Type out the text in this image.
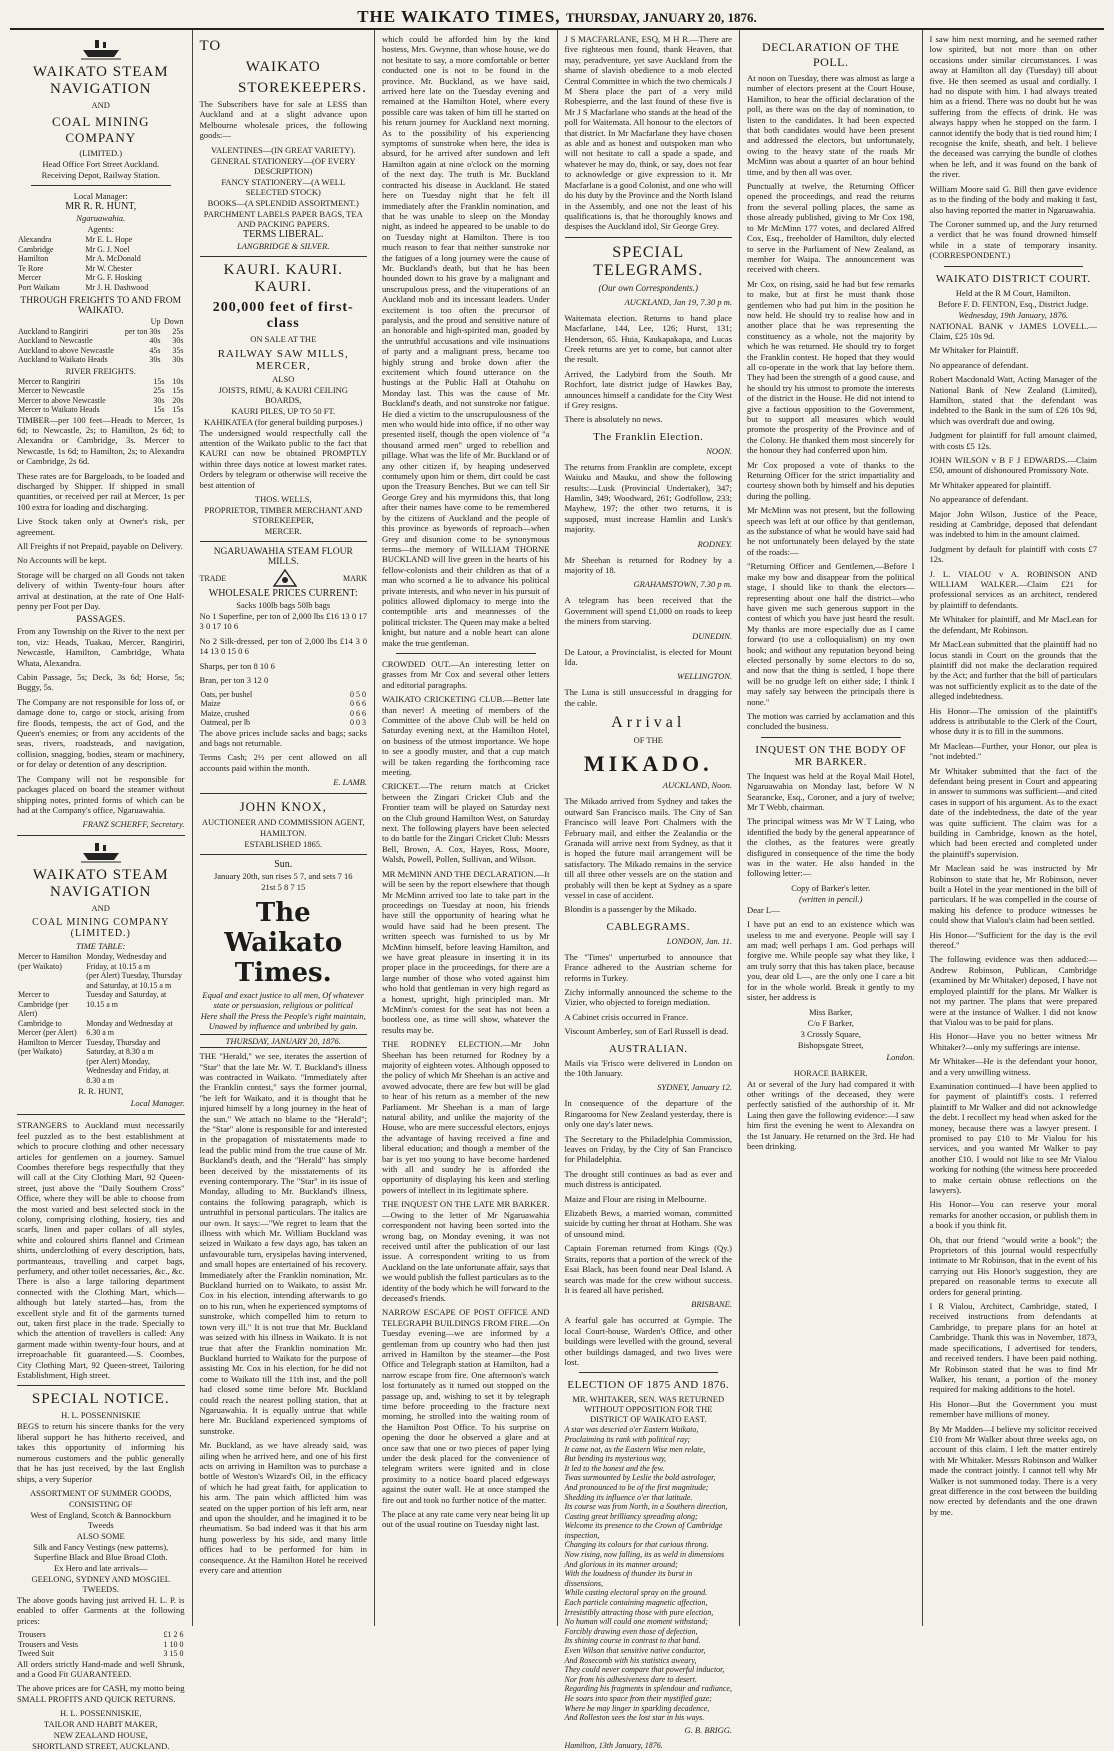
THE WAIKATO TIMES, THURSDAY, JANUARY 20, 1876.
WAIKATO STEAM NAVIGATION
AND
COAL MINING COMPANY
(LIMITED.)
Head Office Fort Street Auckland.
Receiving Depot, Railway Station.
Local Manager:
MR R. R. HUNT,
Ngaruawahia.
Agents:
Alexandra	Mr E. L. Hope
Cambridge	Mr G. J. Noel
Hamilton	Mr A. McDonald
Te Rore	Mr W. Chester
Mercer	Mr G. F. Hosking
Port Waikato	Mr J. H. Dashwood
THROUGH FREIGHTS TO AND FROM WAIKATO.
	Up	Down
Auckland to Rangiriri	per ton 30s	25s
Auckland to Newcastle	40s	30s
Auckland to above Newcastle	45s	35s
Auckland to Waikato Heads	30s	30s
RIVER FREIGHTS.
Mercer to Rangiriri	15s	10s
Mercer to Newcastle	25s	15s
Mercer to above Newcastle	30s	20s
Mercer to Waikato Heads	15s	15s

TIMBER—per 100 feet—Heads to Mercer, 1s 6d; to Newcastle, 2s; to Hamilton, 2s 6d; to Alexandra or Cambridge, 3s. Mercer to Newcastle, 1s 6d; to Hamilton, 2s; to Alexandra or Cambridge, 2s 6d.

These rates are for Bargeloads, to be loaded and discharged by Shipper. If shipped in small quantities, or received per rail at Mercer, 1s per 100 extra for loading and discharging.

Live Stock taken only at Owner's risk, per agreement.

All Freights if not Prepaid, payable on Delivery.

No Accounts will be kept.

Storage will be charged on all Goods not taken delivery of within Twenty-four hours after arrival at destination, at the rate of One Half-penny per Foot per Day.

PASSAGES.

From any Township on the River to the next per ton, viz: Heads, Tuakau, Mercer, Rangiriri, Newcastle, Hamilton, Cambridge, Whata Whata, Alexandra.

Cabin Passage, 5s; Deck, 3s 6d; Horse, 5s; Buggy, 5s.

The Company are not responsible for loss of, or damage done to, cargo or stock, arising from fire floods, tempests, the act of God, and the Queen's enemies; or from any accidents of the seas, rivers, roadsteads, and navigation, collision, snagging, bodies, steam or machinery, or for delay or detention of any description.

The Company will not be responsible for packages placed on board the steamer without shipping notes, printed forms of which can be had at the Company's office, Ngaruawahia.

FRANZ SCHERFF, Secretary.
WAIKATO STEAM NAVIGATION
AND
COAL MINING COMPANY (LIMITED.)
TIME TABLE:
Mercer to Hamilton (per Waikato)	Monday, Wednesday and Friday, at 10.15 a m
	(per Alert) Tuesday, Thursday and Saturday, at 10.15 a m
Mercer to Cambridge (per Alert)	Tuesday and Saturday, at 10.15 a m
Cambridge to Mercer (per Alert)	Monday and Wednesday at 6.30 a m
Hamilton to Mercer (per Waikato)	Tuesday, Thursday and Saturday, at 8.30 a m
	(per Alert) Monday, Wednesday and Friday, at 8.30 a m
R. R. HUNT,
Local Manager.

STRANGERS to Auckland must necessarily feel puzzled as to the best establishment at which to procure clothing and other necessary articles for gentlemen on a journey. Samuel Coombes therefore begs respectfully that they will call at the City Clothing Mart, 92 Queen-street, just above the "Daily Southern Cross" Office, where they will be able to choose from the most varied and best selected stock in the colony, comprising clothing, hosiery, ties and scarfs, linen and paper collars of all styles, white and coloured shirts flannel and Crimean shirts, underclothing of every description, hats, portmanteaus, travelling and carpet bags, perfumery, and other toilet necessaries, &c., &c. There is also a large tailoring department connected with the Clothing Mart, which—although but lately started—has, from the excellent style and fit of the garments turned out, taken first place in the trade. Specially to which the attention of travellers is called: Any garment made within twenty-four hours, and at irreproachable fit guaranteed.—S. Coombes, City Clothing Mart, 92 Queen-street, Tailoring Establishment, High street.

SPECIAL NOTICE.
H. L. POSSENNISKIE

BEGS to return his sincere thanks for the very liberal support he has hitherto received, and takes this opportunity of informing his numerous customers and the public generally that he has just received, by the last English ships, a very Superior

ASSORTMENT OF SUMMER GOODS,
CONSISTING OF
West of England, Scotch & Bannockburn Tweeds
ALSO SOME
Silk and Fancy Vestings (new patterns), Superfine Black and Blue Broad Cloth.
Ex Hero and late arrivals—
GEELONG, SYDNEY AND MOSGIEL TWEEDS.

The above goods having just arrived H. L. P. is enabled to offer Garments at the following prices:

Trousers	£1 2 6
Trousers and Vests	1 10 0
Tweed Suit	3 15 0

All orders strictly Hand-made and well Shrunk, and a Good Fit GUARANTEED.

The above prices are for CASH, my motto being SMALL PROFITS AND QUICK RETURNS.

H. L. POSSENNISKIE,
TAILOR AND HABIT MAKER,
NEW ZEALAND HOUSE,
SHORTLAND STREET, AUCKLAND.
TO
WAIKATO
STOREKEEPERS.

The Subscribers have for sale at LESS than Auckland and at a slight advance upon Melbourne wholesale prices, the following goods:—

VALENTINES—(IN GREAT VARIETY).
GENERAL STATIONERY—(OF EVERY DESCRIPTION)
FANCY STATIONERY—(A WELL SELECTED STOCK)
BOOKS—(A SPLENDID ASSORTMENT.)
PARCHMENT LABELS PAPER BAGS, TEA AND PACKING PAPERS.
TERMS LIBERAL.
LANGBRIDGE & SILVER.
KAURI. KAURI. KAURI.
200,000 feet of first-class
ON SALE AT THE
RAILWAY SAW MILLS, MERCER,
ALSO
JOISTS, RIMU, & KAURI CEILING BOARDS,
KAURI PILES, UP TO 50 FT.
KAHIKATEA (for general building purposes.)

The undersigned would respectfully call the attention of the Waikato public to the fact that KAURI can now be obtained PROMPTLY within three days notice at lowest market rates. Orders by telegram or otherwise will receive the best attention of

THOS. WELLS,
PROPRIETOR, TIMBER MERCHANT AND STOREKEEPER,
MERCER.
NGARUAWAHIA STEAM FLOUR MILLS.
TRADE	MARK
WHOLESALE PRICES CURRENT:
Sacks 100lb bags 50lb bags

No 1 Superfine, per ton of 2,000 lbs £16 13 0 17 3 0 17 10 6

No 2 Silk-dressed, per ton of 2,000 lbs £14 3 0 14 13 0 15 0 6

Sharps, per ton 8 10 6

Bran, per ton 3 12 0

Oats, per bushel	0 5 0
Maize	0 6 6
Maize, crushed	0 6 6
Oatmeal, per lb	0 0 3

The above prices include sacks and bags; sacks and bags not returnable.

Terms Cash; 2½ per cent allowed on all accounts paid within the month.

E. LAMB.
JOHN KNOX,
AUCTIONEER AND COMMISSION AGENT,
HAMILTON.
ESTABLISHED 1865.
Sun.
January 20th, sun rises 5 7, and sets 7 16
21st 5 8 7 15
The Waikato Times.
Equal and exact justice to all men, Of whatever state or persuasion, religious or political
Here shall the Press the People's right maintain, Unawed by influence and unbribed by gain.
THURSDAY, JANUARY 20, 1876.

THE "Herald," we see, iterates the assertion of "Star" that the late Mr. W. T. Buckland's illness was contracted in Waikato. "Immediately after the Franklin contest," says the former journal, "he left for Waikato, and it is thought that he injured himself by a long journey in the heat of the sun." We attach no blame to the "Herald"; the "Star" alone is responsible for and interested in the propagation of misstatements made to lead the public mind from the true cause of Mr. Buckland's death, and the "Herald" has simply been deceived by the misstatements of its evening contemporary. The "Star" in its issue of Monday, alluding to Mr. Buckland's illness, contains the following paragraph, which is untruthful in personal particulars. The italics are our own. It says:—"We regret to learn that the illness with which Mr. William Buckland was seized in Waikato a few days ago, has taken an unfavourable turn, erysipelas having intervened, and small hopes are entertained of his recovery. Immediately after the Franklin nomination, Mr. Buckland hurried on to Waikato, to assist Mr. Cox in his election, intending afterwards to go on to his run, when he experienced symptoms of sunstroke, which compelled him to return to town very ill." It is not true that Mr. Buckland was seized with his illness in Waikato. It is not true that after the Franklin nomination Mr. Buckland hurried to Waikato for the purpose of assisting Mr. Cox in his election, for he did not come to Waikato till the 11th inst, and the poll had closed some time before Mr. Buckland could reach the nearest polling station, that at Ngaruawahia. It is equally untrue that while here Mr. Buckland experienced symptoms of sunstroke.

Mr. Buckland, as we have already said, was ailing when he arrived here, and one of his first acts on arriving in Hamilton was to purchase a bottle of Weston's Wizard's Oil, in the efficacy of which he had great faith, for application to his arm. The pain which afflicted him was seated on the upper portion of his left arm, near and upon the shoulder, and he imagined it to be rheumatism. So bad indeed was it that his arm hung powerless by his side, and many little offices had to be performed for him in consequence. At the Hamilton Hotel he received every care and attention

which could be afforded him by the kind hostess, Mrs. Gwynne, than whose house, we do not hesitate to say, a more comfortable or better conducted one is not to be found in the province. Mr. Buckland, as we have said, arrived here late on the Tuesday evening and remained at the Hamilton Hotel, where every possible care was taken of him till he started on his return journey for Auckland next morning. As to the possibility of his experiencing symptoms of sunstroke when here, the idea is absurd, for he arrived after sundown and left Hamilton again at nine o'clock on the morning of the next day. The truth is Mr. Buckland contracted his disease in Auckland. He stated here on Tuesday night that he felt ill immediately after the Franklin nomination, and that he was unable to sleep on the Monday night, as indeed he appeared to be unable to do on Tuesday night at Hamilton. There is too much reason to fear that neither sunstroke nor the fatigues of a long journey were the cause of Mr. Buckland's death, but that he has been hounded down to his grave by a malignant and unscrupulous press, and the vituperations of an Auckland mob and its incessant leaders. Under excitement is too often the precursor of paralysis, and the proud and sensitive nature of an honorable and high-spirited man, goaded by the untruthful accusations and vile insinuations of party and a malignant press, became too highly strung and broke down after the excitement which found utterance on the hustings at the Public Hall at Otahuhu on Monday last. This was the cause of Mr. Buckland's death, and not sunstroke nor fatigue. He died a victim to the unscrupulousness of the men who would hide into office, if no other way presented itself, though the open violence of "a thousand armed men" urged to rebellion and pillage. What was the life of Mr. Buckland or of any other citizen if, by heaping undeserved contumely upon him or them, dirt could be cast upon the Treasury Benches. But we can tell Sir George Grey and his myrmidons this, that long after their names have come to be remembered by the citizens of Auckland and the people of this province as byewords of reproach—when Grey and disunion come to be synonymous terms—the memory of WILLIAM THORNE BUCKLAND will live green in the hearts of his fellow-colonists and their children as that of a man who scorned a lie to advance his political private interests, and who never in his pursuit of politics allowed diplomacy to merge into the contemptible arts and meannesses of the political trickster. The Queen may make a belted knight, but nature and a noble heart can alone make the true gentleman.

CROWDED OUT.—An interesting letter on grasses from Mr Cox and several other letters and editorial paragraphs.

WAIKATO CRICKETING CLUB.—Better late than never! A meeting of members of the Committee of the above Club will be held on Saturday evening next, at the Hamilton Hotel, on business of the utmost importance. We hope to see a goodly muster, and that a cup match will be taken regarding the forthcoming race meeting.

CRICKET.—The return match at Cricket between the Zingari Cricket Club and the Frontier team will be played on Saturday next on the Club ground Hamilton West, on Saturday next. The following players have been selected to do battle for the Zingari Cricket Club: Messrs Bell, Brown, A. Cox, Hayes, Ross, Moore, Walsh, Powell, Pollen, Sullivan, and Wilson.

MR McMINN AND THE DECLARATION.—It will be seen by the report elsewhere that though Mr McMinn arrived too late to take part in the proceedings on Tuesday at noon, his friends have still the opportunity of hearing what he would have said had he been present. The written speech was furnished to us by Mr McMinn himself, before leaving Hamilton, and we have great pleasure in inserting it in its proper place in the proceedings, for there are a large number of those who voted against him who hold that gentleman in very high regard as a honest, upright, high principled man. Mr McMinn's contest for the seat has not been a bootless one, as time will show, whatever the results may be.

THE RODNEY ELECTION.—Mr John Sheehan has been returned for Rodney by a majority of eighteen votes. Although opposed to the policy of which Mr Sheehan is an active and avowed advocate, there are few but will be glad to hear of his return as a member of the new Parliament. Mr Sheehan is a man of large natural ability, and unlike the majority of the House, who are mere successful electors, enjoys the advantage of having received a fine and liberal education; and though a member of the bar is yet too young to have become hardened with all and sundry he is afforded the opportunity of displaying his keen and sterling powers of intellect in its legitimate sphere.

THE INQUEST ON THE LATE MR BARKER.—Owing to the letter of Mr Ngaruawahia correspondent not having been sorted into the wrong bag, on Monday evening, it was not received until after the publication of our last issue. A correspondent writing to us from Auckland on the late unfortunate affair, says that we would publish the fullest particulars as to the identity of the body which he will forward to the deceased's friends.

NARROW ESCAPE OF POST OFFICE AND TELEGRAPH BUILDINGS FROM FIRE.—On Tuesday evening—we are informed by a gentleman from up country who had then just arrived in Hamilton by the steamer—the Post Office and Telegraph station at Hamilton, had a narrow escape from fire. One afternoon's watch lost fortunately as it turned out stopped on the passage up, and, wishing to set it by telegraph time before proceeding to the fracture next morning, he strolled into the waiting room of the Hamilton Post Office. To his surprise on opening the door he observed a glare and at once saw that one or two pieces of paper lying under the desk placed for the convenience of telegram writers were ignited and in close proximity to a notice board placed edgeways against the outer wall. He at once stamped the fire out and took no further notice of the matter.

The place at any rate came very near being lit up out of the usual routine on Tuesday night last.

J S MACFARLANE, ESQ, M H R.—There are five righteous men found, thank Heaven, that may, peradventure, yet save Auckland from the shame of slavish obedience to a mob elected Central Committee in which the two chemicals J M Shera place the part of a very mild Robespierre, and the last found of these five is Mr J S Macfarlane who stands at the head of the poll for Waitemata. All honour to the electors of that district. In Mr Macfarlane they have chosen as able and as honest and outspoken man who will not hesitate to call a spade a spade, and whatever he may do, think, or say, does not fear to acknowledge or give expression to it. Mr Macfarlane is a good Colonist, and one who will do his duty by the Province and the North Island in the Assembly, and one not the least of his qualifications is, that he thoroughly knows and despises the Auckland idol, Sir George Grey.

SPECIAL TELEGRAMS.
(Our own Correspondents.)
AUCKLAND, Jan 19, 7.30 p m.

Waitemata election. Returns to hand place Macfarlane, 144, Lee, 126; Hurst, 131; Henderson, 65. Huia, Kaukapakapa, and Lucas Creek returns are yet to come, but cannot alter the result.

Arrived, the Ladybird from the South. Mr Rochfort, late district judge of Hawkes Bay, announces himself a candidate for the City West if Grey resigns.

There is absolutely no news.

The Franklin Election.
NOON.

The returns from Franklin are complete, except Waiuku and Mauku, and show the following results:—Lusk (Provincial Undertaker), 347; Hamlin, 349; Woodward, 261; Godfollow, 233; Mayhew, 197; the other two returns, it is supposed, must increase Hamlin and Lusk's majority.

RODNEY.

Mr Sheehan is returned for Rodney by a majority of 18.

GRAHAMSTOWN, 7.30 p m.

A telegram has been received that the Government will spend £1,000 on roads to keep the miners from starving.

DUNEDIN.

De Latour, a Provincialist, is elected for Mount Ida.

WELLINGTON.

The Luna is still unsuccessful in dragging for the cable.

Arrival
OF THE
MIKADO.
AUCKLAND, Noon.

The Mikado arrived from Sydney and takes the outward San Francisco mails. The City of San Francisco will leave Port Chalmers with the February mail, and either the Zealandia or the Granada will arrive next from Sydney, as that it is hoped the future mail arrangement will be satisfactory. The Mikado remains in the service till all three other vessels are on the station and probably will then be kept at Sydney as a spare vessel in case of accident.

Blondin is a passenger by the Mikado.

CABLEGRAMS.
LONDON, Jan. 11.

The "Times" unperturbed to announce that France adhered to the Austrian scheme for reforms in Turkey.

Zichy informally announced the scheme to the Vizier, who objected to foreign mediation.

A Cabinet crisis occurred in France.

Viscount Amberley, son of Earl Russell is dead.

AUSTRALIAN.

Mails via 'Frisco were delivered in London on the 10th January.

SYDNEY, January 12.

In consequence of the departure of the Ringarooma for New Zealand yesterday, there is only one day's later news.

The Secretary to the Philadelphia Commission, leaves on Friday, by the City of San Francisco for Philadelphia.

The drought still continues as bad as ever and much distress is anticipated.

Maize and Flour are rising in Melbourne.

Elizabeth Bews, a married woman, committed suicide by cutting her throat at Hotham. She was of unsound mind.

Captain Foreman returned from Kings (Qy.) Straits, reports that a portion of the wreck of the Esai Black, has been found near Deal Island. A search was made for the crew without success. It is feared all have perished.

BRISBANE.

A fearful gale has occurred at Gympie. The local Court-house, Warden's Office, and other buildings were levelled with the ground, several other buildings damaged, and two lives were lost.

ELECTION OF 1875 AND 1876.
MR. WHITAKER, SEN. WAS RETURNED WITHOUT OPPOSITION FOR THE DISTRICT OF WAIKATO EAST.
A star was descried o'er Eastern Waikato,
Proclaiming its rank with political ray;
It came not, as the Eastern Wise men relate,
But bending its mysterious way,
It led to the honest and the few.
Twas surmounted by Leslie the bold astrologer,
And pronounced to be of the first magnitude;
Shedding its influence o'er that latitude.
Its course was from North, in a Southern direction,
Casting great brilliancy spreading along;
Welcome its presence to the Crown of Cambridge inspection,
Changing its colours for that curious throng.
Now rising, now falling, its as weld in dimensions
And glorious in its manner around;
With the loudness of thunder its burst in dissensions,
While casting electoral spray on the ground.
Each particle containing magnetic affection,
Irresistibly attracting those with pure election,
No human will could one moment withstand;
Forcibly drawing even those of defection,
Its shining course in contrast to that band.
Even Wilson that sensitive native conductor,
And Rosecomb with his statistics aweary,
They could never compare that powerful inductor,
Nor from his adhesiveness dare to desert.
Regarding his fragments in splendour and radiance,
He soars into space from their mystified gaze;
Where he may linger in sparkling decadence,
And Rolleston sees the lost star in his ways.
G. B. BRIGG.
Hamilton, 13th January, 1876.
DECLARATION OF THE POLL.

At noon on Tuesday, there was almost as large a number of electors present at the Court House, Hamilton, to hear the official declaration of the poll, as there was on the day of nomination, to listen to the candidates. It had been expected that both candidates would have been present and addressed the electors, but unfortunately, owing to the heavy state of the roads Mr McMinn was about a quarter of an hour behind time, and by then all was over.

Punctually at twelve, the Returning Officer opened the proceedings, and read the returns from the several polling places, the same as those already published, giving to Mr Cox 198, to Mr McMinn 177 votes, and declared Alfred Cox, Esq., freeholder of Hamilton, duly elected to serve in the Parliament of New Zealand, as member for Waipa. The announcement was received with cheers.

Mr Cox, on rising, said he had but few remarks to make, but at first he must thank those gentlemen who had put him in the position he now held. He should try to realise how and in another place that he was representing the constituency as a whole, not the majority by which he was returned. He should try to forget the Franklin contest. He hoped that they would all co-operate in the work that lay before them. They had been the strength of a good cause, and he should try his utmost to promote the interests of the district in the House. He did not intend to give a factious opposition to the Government, but to support all measures which would promote the prosperity of the Province and of the Colony. He thanked them most sincerely for the honour they had conferred upon him.

Mr Cox proposed a vote of thanks to the Returning Officer for the strict impartiality and courtesy shown both by himself and his deputies during the polling.

Mr McMinn was not present, but the following speech was left at our office by that gentleman, as the substance of what he would have said had he not unfortunately been delayed by the state of the roads:—

"Returning Officer and Gentlemen,—Before I make my bow and disappear from the political stage, I should like to thank the electors—representing about one half the district—who have given me such generous support in the contest of which you have just heard the result. My thanks are more especially due as I came forward (to use a colloquialism) on my own hook; and without any reputation beyond being elected personally by some electors to do so, and now that the thing is settled, I hope there will be no grudge left on either side; I think I may safely say between the principals there is none."

The motion was carried by acclamation and this concluded the business.

INQUEST ON THE BODY OF MR BARKER.

The Inquest was held at the Royal Mail Hotel, Ngaruawahia on Monday last, before W N Searancke, Esq., Coroner, and a jury of twelve; Mr T Webb, chairman.

The principal witness was Mr W T Laing, who identified the body by the general appearance of the clothes, as the features were greatly disfigured in consequence of the time the body was in the water. He also handed in the following letter:—

Copy of Barker's letter.
(written in pencil.)

Dear L—

I have put an end to an existence which was useless to me and everyone. People will say I am mad; well perhaps I am. God perhaps will forgive me. While people say what they like, I am truly sorry that this has taken place, because you, dear old L—, are the only one I care a bit for in the whole world. Break it gently to my sister, her address is

Miss Barker,
C/o F Barker,
3 Crossly Square,
Bishopsgate Street,
London.
HORACE BARKER.

At or several of the Jury had compared it with other writings of the deceased, they were perfectly satisfied of the authorship of it. Mr Laing then gave the following evidence:—I saw him first the evening he went to Alexandra on the 1st January. He returned on the 3rd. He had been drinking.

I saw him next morning, and he seemed rather low spirited, but not more than on other occasions under similar circumstances. I was away at Hamilton all day (Tuesday) till about five. He then seemed as usual and cordially. I had no dispute with him. I had always treated him as a friend. There was no doubt but he was suffering from the effects of drink. He was always happy when he stopped on the farm. I cannot identify the body that is tied round him; I recognise the knife, sheath, and belt. I believe the deceased was carrying the bundle of clothes when he left, and it was found on the bank of the river.

William Moore said G. Bill then gave evidence as to the finding of the body and making it fast, also having reported the matter in Ngaruawahia.

The Coroner summed up, and the Jury returned a verdict that he was found drowned himself while in a state of temporary insanity. (CORRESPONDENT.)

WAIKATO DISTRICT COURT.
Held at the R M Court, Hamilton.
Before F. D. FENTON, Esq., District Judge.
Wednesday, 19th January, 1876.

NATIONAL BANK v JAMES LOVELL.—Claim, £25 10s 9d.

Mr Whitaker for Plaintiff.

No appearance of defendant.

Robert Macdonald Watt, Acting Manager of the National Bank of New Zealand (Limited), Hamilton, stated that the defendant was indebted to the Bank in the sum of £26 10s 9d, which was overdraft due and owing.

Judgment for plaintiff for full amount claimed, with costs £5 12s.

JOHN WILSON v B F J EDWARDS.—Claim £50, amount of dishonoured Promissory Note.

Mr Whitaker appeared for plaintiff.

No appearance of defendant.

Major John Wilson, Justice of the Peace, residing at Cambridge, deposed that defendant was indebted to him in the amount claimed.

Judgment by default for plaintiff with costs £7 12s.

J. L. VIALOU v A. ROBINSON AND WILLIAM WALKER.—Claim £21 for professional services as an architect, rendered by plaintiff to defendants.

Mr Whitaker for plaintiff, and Mr MacLean for the defendant, Mr Robinson.

Mr MacLean submitted that the plaintiff had no locus standi in Court on the grounds that the plaintiff did not make the declaration required by the Act; and further that the bill of particulars was not sufficiently explicit as to the date of the alleged indebtedness.

His Honor—The omission of the plaintiff's address is attributable to the Clerk of the Court, whose duty it is to fill in the summons.

Mr Maclean—Further, your Honor, our plea is "not indebted."

Mr Whitaker submitted that the fact of the defendant being present in Court and appearing in answer to summons was sufficient—and cited cases in support of his argument. As to the exact date of the indebtedness, the date of the year was quite sufficient. The claim was for a building in Cambridge, known as the hotel, which had been erected and completed under the plaintiff's supervision.

Mr Maclean said he was instructed by Mr Robinson to state that he, Mr Robinson, never built a Hotel in the year mentioned in the bill of particulars. If he was compelled in the course of making his defence to produce witnesses he could show that Vialou's claim had been settled.

His Honor—"Sufficient for the day is the evil thereof."

The following evidence was then adduced:—Andrew Robinson, Publican, Cambridge (examined by Mr Whitaker) deposed, I have not employed plaintiff for the plans. Mr Walker is not my partner. The plans that were prepared were at the instance of Walker. I did not know that Vialou was to be paid for plans.

His Honor—Have you no better witness Mr Whitaker?—only my sufferings are intense.

Mr Whitaker—He is the defendant your honor, and a very unwilling witness.

Examination continued—I have been applied to for payment of plaintiff's costs. I referred plaintiff to Mr Walker and did not acknowledge the debt. I recollect my head when asked for the money, because there was a lawyer present. I promised to pay £10 to Mr Vialou for his services, and you wanted Mr Walker to pay another £10. I would not like to see Mr Vialou working for nothing (the witness here proceeded to make certain obtuse reflections on the lawyers).

His Honor—You can reserve your moral remarks for another occasion, or publish them in a book if you think fit.

Oh, that our friend "would write a book"; the Proprietors of this journal would respectfully intimate to Mr Robinson, that in the event of his carrying out His Honor's suggestion, they are prepared on reasonable terms to execute all orders for general printing.

I R Vialou, Architect, Cambridge, stated, I received instructions from defendants at Cambridge, to prepare plans for an hotel at Cambridge. Thank this was in November, 1873, made specifications, I advertised for tenders, and received tenders. I have been paid nothing. Mr Robinson stated that he was to find Mr Walker, his tenant, a portion of the money required for making additions to the hotel.

His Honor—But the Government you must remember have millions of money.

By Mr Madden—I believe my solicitor received £10 from Mr Walker about three weeks ago, on account of this claim. I left the matter entirely with Mr Whitaker. Messrs Robinson and Walker made the contract jointly. I cannot tell why Mr Walker is not summoned today. There is a very great difference in the cost between the building now erected by defendants and the one drawn by me.
